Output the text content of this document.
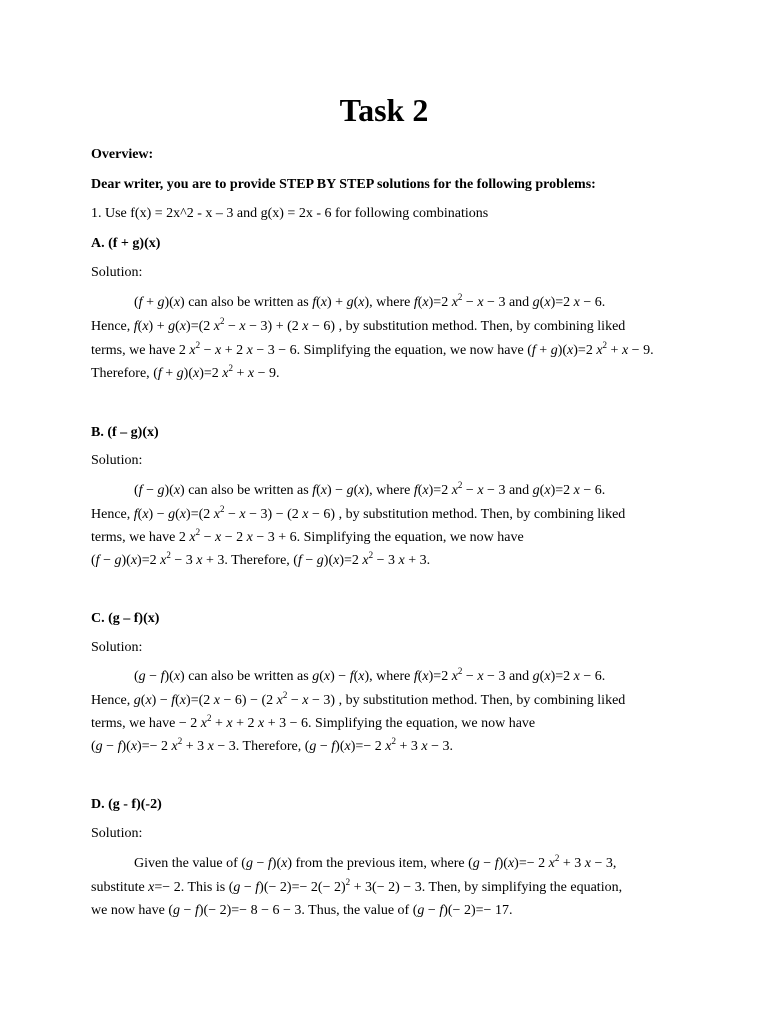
Task 2
Overview:
Dear writer, you are to provide STEP BY STEP solutions for the following problems:
1. Use f(x) = 2x^2 - x – 3 and g(x) = 2x - 6 for following combinations
A. (f + g)(x)
Solution:
(f + g)(x) can also be written as f(x) + g(x), where f(x)=2 $x^2 - x - 3$ and g(x)=2 x − 6.
Hence, f(x) + g(x)=(2 $x^2 - x - 3) + (2$ x − 6) , by substitution method. Then, by combining liked
terms, we have 2 $x^2 - x + 2$ x − 3 − 6. Simplifying the equation, we now have (f + g)(x)=2 $x^2 + x - 9$.
Therefore, (f + g)(x)=2 $x^2 + x - 9$.
B. (f – g)(x)
Solution:
(f − g)(x) can also be written as f(x) − g(x), where f(x)=2 $x^2 - x - 3$ and g(x)=2 x − 6.
Hence, f(x) − g(x)=(2 $x^2 - x - 3) - (2$ x − 6) , by substitution method. Then, by combining liked
terms, we have 2 $x^2 - x - 2$ x − 3 + 6. Simplifying the equation, we now have
(f − g)(x)=2 $x^2 - 3$ x + 3. Therefore, (f − g)(x)=2 $x^2 - 3$ x + 3.
C. (g – f)(x)
Solution:
(g − f)(x) can also be written as g(x) − f(x), where f(x)=2 $x^2 - x - 3$ and g(x)=2 x − 6.
Hence, g(x) − f(x)=(2 x − 6) − (2 $x^2 - x - 3$) , by substitution method. Then, by combining liked
terms, we have − 2 $x^2 + x + 2$ x + 3 − 6. Simplifying the equation, we now have
(g − f)(x)=− 2 $x^2 + 3$ x − 3. Therefore, (g − f)(x)=− 2 $x^2 + 3$ x − 3.
D. (g - f)(-2)
Solution:
Given the value of (g − f)(x) from the previous item, where (g − f)(x)=− 2 $x^2 + 3$ x − 3,
substitute x=− 2. This is $(g - f)(- 2)=- 2(- 2)^2 + 3(- 2) - 3$. Then, by simplifying the equation,
we now have (g − f)(− 2)=− 8 − 6 − 3. Thus, the value of (g − f)(− 2)=− 17.
